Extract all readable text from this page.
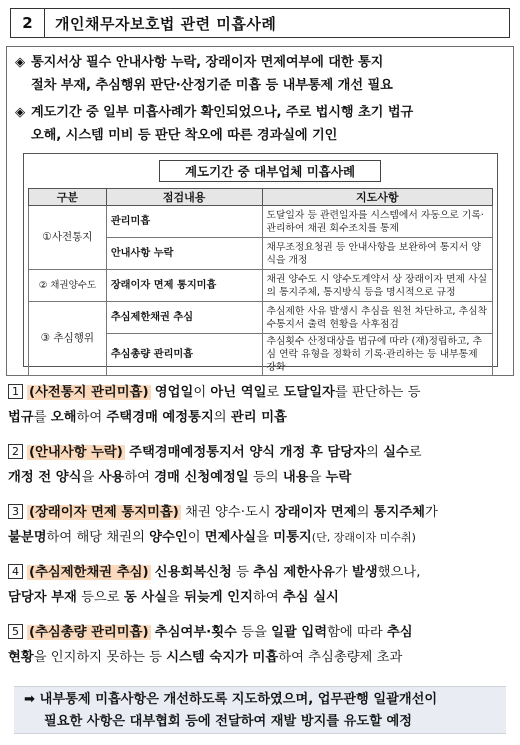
2	개인채무자보호법 관련 미흡사례
◈ 통지서상 필수 안내사항 누락, 장래이자 면제여부에 대한 통지
절차 부재, 추심행위 판단·산정기준 미흡 등 내부통제 개선 필요
◈ 계도기간 중 일부 미흡사례가 확인되었으나, 주로 법시행 초기 법규
오해, 시스템 미비 등 판단 착오에 따른 경과실에 기인
계도기간 중 대부업체 미흡사례
구분	점검내용	지도사항
①사전통지	관리미흡	도달일자 등 관련일자를 시스템에서 자동으로 기록·관리하여 채권 회수조치를 통제
	안내사항 누락	채무조정요청권 등 안내사항을 보완하여 통지서 양식을 개정
② 채권양수도	장래이자 면제 통지미흡	채권 양수도 시 양수도계약서 상 장래이자 면제 사실의 통지주체, 통지방식 등을 명시적으로 규정
③ 추심행위	추심제한채권 추심	추심제한 사유 발생시 추심을 원천 차단하고, 추심착수통지서 출력 현황을 사후점검
	추심총량 관리미흡	추심횟수 산정대상을 법규에 따라 (재)정립하고, 추심 연락 유형을 정확히 기록·관리하는 등 내부통제 강화
1 (사전통지 관리미흡) 영업일이 아닌 역일로 도달일자를 판단하는 등
법규를 오해하여 주택경매 예정통지의 관리 미흡
2 (안내사항 누락) 주택경매예정통지서 양식 개정 후 담당자의 실수로
개정 전 양식을 사용하여 경매 신청예정일 등의 내용을 누락
3 (장래이자 면제 통지미흡) 채권 양수·도시 장래이자 면제의 통지주체가
불분명하여 해당 채권의 양수인이 면제사실을 미통지(단, 장래이자 미수취)
4 (추심제한채권 추심) 신용회복신청 등 추심 제한사유가 발생했으나,
담당자 부재 등으로 동 사실을 뒤늦게 인지하여 추심 실시
5 (추심총량 관리미흡) 추심여부·횟수 등을 일괄 입력함에 따라 추심
현황을 인지하지 못하는 등 시스템 숙지가 미흡하여 추심총량제 초과
➡ 내부통제 미흡사항은 개선하도록 지도하였으며, 업무관행 일괄개선이
필요한 사항은 대부협회 등에 전달하여 재발 방지를 유도할 예정
